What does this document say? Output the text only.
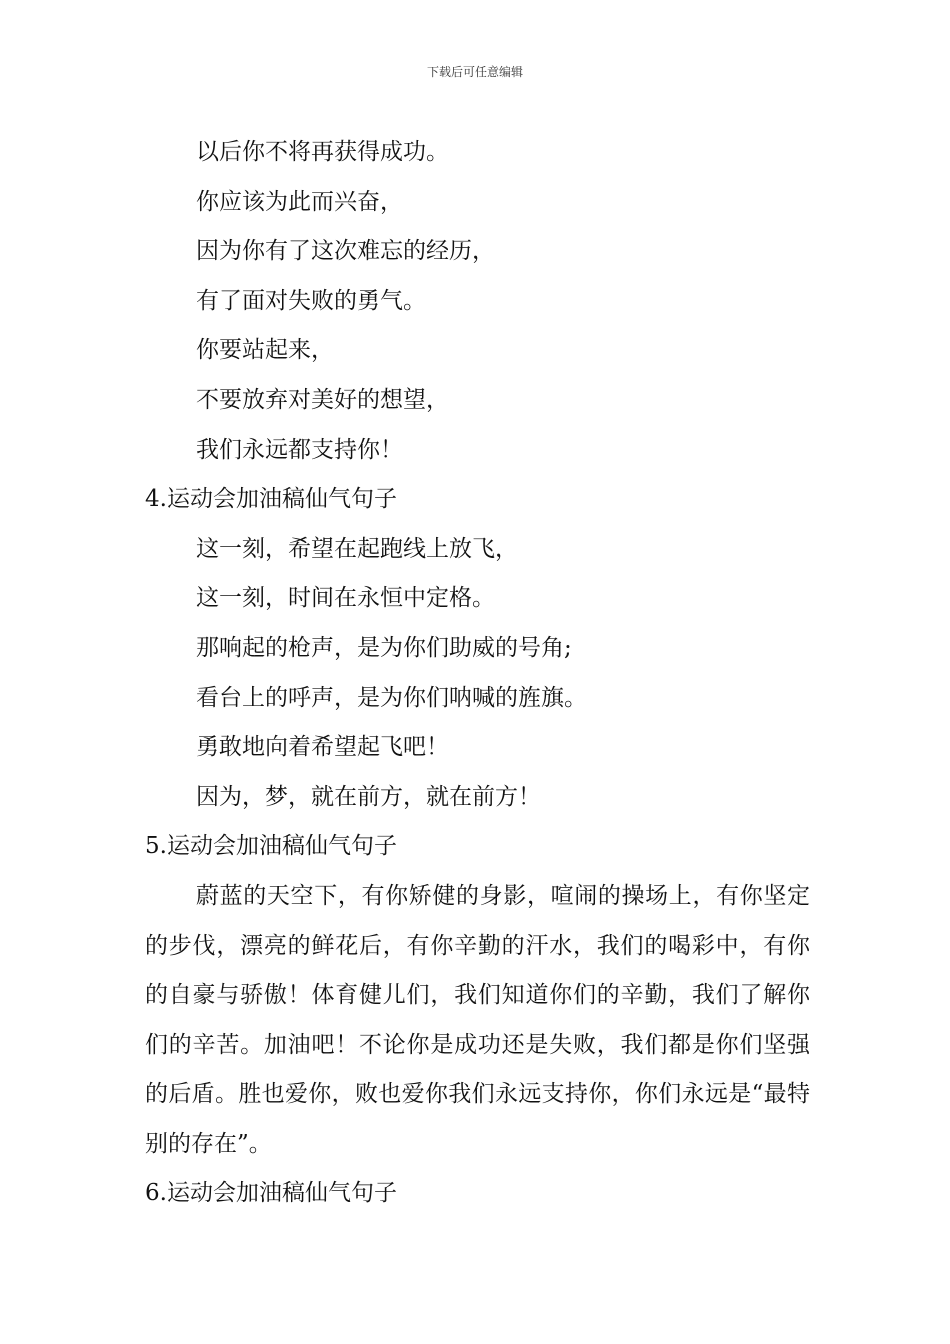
下载后可任意编辑
以后你不将再获得成功。
你应该为此而兴奋，
因为你有了这次难忘的经历，
有了面对失败的勇气。
你要站起来，
不要放弃对美好的想望，
我们永远都支持你！
4.运动会加油稿仙气句子
这一刻，希望在起跑线上放飞，
这一刻，时间在永恒中定格。
那响起的枪声，是为你们助威的号角;
看台上的呼声，是为你们呐喊的旌旗。
勇敢地向着希望起飞吧！
因为，梦，就在前方，就在前方！
5.运动会加油稿仙气句子

蔚蓝的天空下，有你矫健的身影，喧闹的操场上，有你坚定的步伐，漂亮的鲜花后，有你辛勤的汗水，我们的喝彩中，有你的自豪与骄傲！体育健儿们，我们知道你们的辛勤，我们了解你们的辛苦。加油吧！不论你是成功还是失败，我们都是你们坚强的后盾。胜也爱你，败也爱你我们永远支持你，你们永远是“最特别的存在”。

6.运动会加油稿仙气句子
